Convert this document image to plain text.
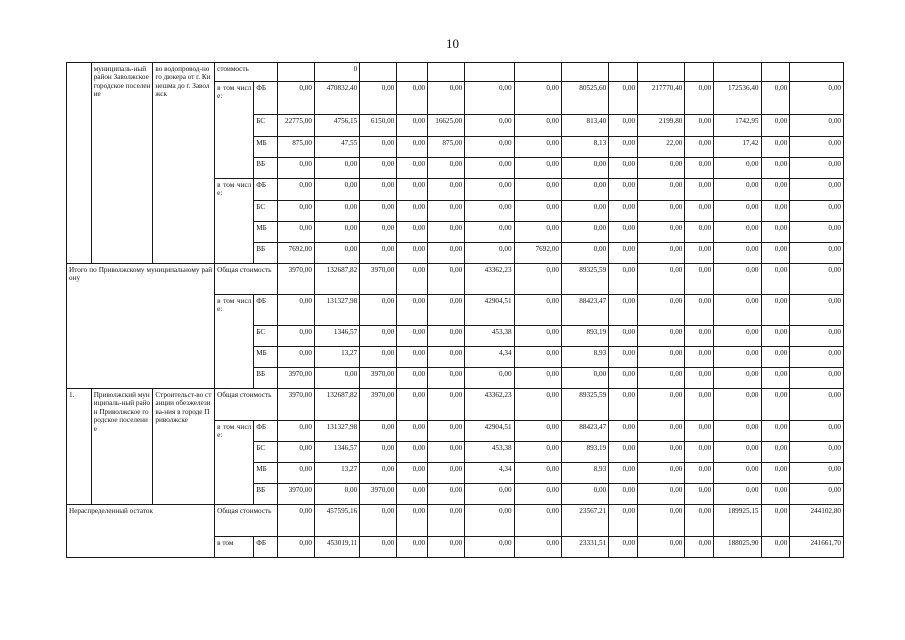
10
	муниципаль-ный район Заволжское городское поселение	во водопровод-ного дюкера от г. Кинешма до г. Заволжск	стоимость			0												
			в том числе:	ФБ	0,00	470832,40	0,00	0,00	0,00	0,00	0,00	80525,60	0,00	217770,40	0,00	172536,40	0,00	0,00
				БС	22775,00	4756,15	6150,00	0,00	16625,00	0,00	0,00	813,40	0,00	2199,80	0,00	1742,95	0,00	0,00
				МБ	875,00	47,55	0,00	0,00	875,00	0,00	0,00	8,13	0,00	22,00	0,00	17,42	0,00	0,00
				ВБ	0,00	0,00	0,00	0,00	0,00	0,00	0,00	0,00	0,00	0,00	0,00	0,00	0,00	0,00
			в том числе:	ФБ	0,00	0,00	0,00	0,00	0,00	0,00	0,00	0,00	0,00	0,00	0,00	0,00	0,00	0,00
				БС	0,00	0,00	0,00	0,00	0,00	0,00	0,00	0,00	0,00	0,00	0,00	0,00	0,00	0,00
				МБ	0,00	0,00	0,00	0,00	0,00	0,00	0,00	0,00	0,00	0,00	0,00	0,00	0,00	0,00
				ВБ	7692,00	0,00	0,00	0,00	0,00	0,00	7692,00	0,00	0,00	0,00	0,00	0,00	0,00	0,00
Итого по Приволжскому муниципальному району			Общая стоимость		3970,00	132687,82	3970,00	0,00	0,00	43362,23	0,00	89325,59	0,00	0,00	0,00	0,00	0,00	0,00
			в том числе:	ФБ	0,00	131327,98	0,00	0,00	0,00	42904,51	0,00	88423,47	0,00	0,00	0,00	0,00	0,00	0,00
				БС	0,00	1346,57	0,00	0,00	0,00	453,38	0,00	893,19	0,00	0,00	0,00	0,00	0,00	0,00
				МБ	0,00	13,27	0,00	0,00	0,00	4,34	0,00	8,93	0,00	0,00	0,00	0,00	0,00	0,00
				ВБ	3970,00	0,00	3970,00	0,00	0,00	0,00	0,00	0,00	0,00	0,00	0,00	0,00	0,00	0,00
1.	Приволжский муниципаль-ный район Приволжское городское поселение	Строительст-во станции обезжелезива-ния в городе Приволжске	Общая стоимость		3970,00	132687,82	3970,00	0,00	0,00	43362,23	0,00	89325,59	0,00	0,00	0,00	0,00	0,00	0,00
			в том числе:	ФБ	0,00	131327,98	0,00	0,00	0,00	42904,51	0,00	88423,47	0,00	0,00	0,00	0,00	0,00	0,00
				БС	0,00	1346,57	0,00	0,00	0,00	453,38	0,00	893,19	0,00	0,00	0,00	0,00	0,00	0,00
				МБ	0,00	13,27	0,00	0,00	0,00	4,34	0,00	8,93	0,00	0,00	0,00	0,00	0,00	0,00
				ВБ	3970,00	0,00	3970,00	0,00	0,00	0,00	0,00	0,00	0,00	0,00	0,00	0,00	0,00	0,00
Нераспределенный остаток			Общая стоимость		0,00	457595,16	0,00	0,00	0,00	0,00	0,00	23567,21	0,00	0,00	0,00	189925,15	0,00	244102,80
			в том	ФБ	0,00	453019,11	0,00	0,00	0,00	0,00	0,00	23331,51	0,00	0,00	0,00	188025,90	0,00	241661,70
